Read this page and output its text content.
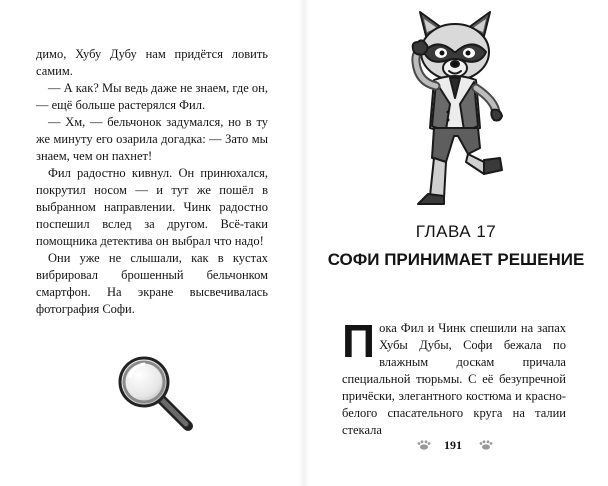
димо, Хубу Дубу нам придётся ловить самим.

— А как? Мы ведь даже не знаем, где он, — ещё больше растерялся Фил.

— Хм, — бельчонок задумался, но в ту же минуту его озарила догадка: — Зато мы знаем, чем он пахнет!

Фил радостно кивнул. Он принюхался, покрутил носом — и тут же пошёл в выбранном направлении. Чинк радостно поспешил вслед за другом. Всё-таки помощника детектива он выбрал что надо!

Они уже не слышали, как в кустах вибрировал брошенный бельчонком смартфон. На экране высвечивалась фотография Софи.

ГЛАВА 17
СОФИ ПРИНИМАЕТ РЕШЕНИЕ
П ока Фил и Чинк спешили на запах Хубы Дубы, Софи бежала по влажным доскам причала специальной тюрьмы. С её безупречной причёски, элегантного костюма и красно-белого спасательного круга на талии стекала
191
